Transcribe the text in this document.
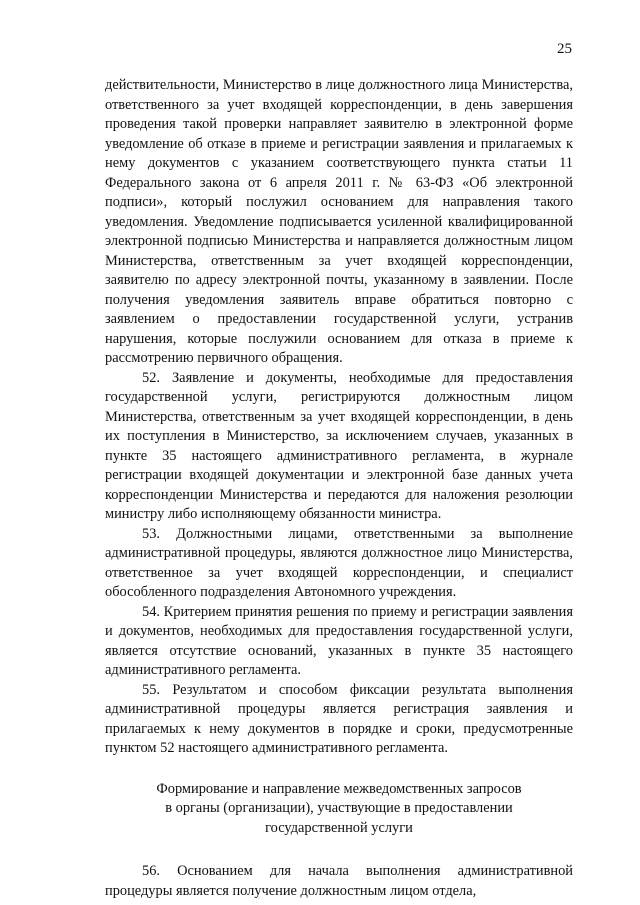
25

действительности, Министерство в лице должностного лица Министерства, ответственного за учет входящей корреспонденции, в день завершения проведения такой проверки направляет заявителю в электронной форме уведомление об отказе в приеме и регистрации заявления и прилагаемых к нему документов с указанием соответствующего пункта статьи 11 Федерального закона от 6 апреля 2011 г. № 63-ФЗ «Об электронной подписи», который послужил основанием для направления такого уведомления. Уведомление подписывается усиленной квалифицированной электронной подписью Министерства и направляется должностным лицом Министерства, ответственным за учет входящей корреспонденции, заявителю по адресу электронной почты, указанному в заявлении. После получения уведомления заявитель вправе обратиться повторно с заявлением о предоставлении государственной услуги, устранив нарушения, которые послужили основанием для отказа в приеме к рассмотрению первичного обращения.

52. Заявление и документы, необходимые для предоставления государственной услуги, регистрируются должностным лицом Министерства, ответственным за учет входящей корреспонденции, в день их поступления в Министерство, за исключением случаев, указанных в пункте 35 настоящего административного регламента, в журнале регистрации входящей документации и электронной базе данных учета корреспонденции Министерства и передаются для наложения резолюции министру либо исполняющему обязанности министра.

53. Должностными лицами, ответственными за выполнение административной процедуры, являются должностное лицо Министерства, ответственное за учет входящей корреспонденции, и специалист обособленного подразделения Автономного учреждения.

54. Критерием принятия решения по приему и регистрации заявления и документов, необходимых для предоставления государственной услуги, является отсутствие оснований, указанных в пункте 35 настоящего административного регламента.

55. Результатом и способом фиксации результата выполнения административной процедуры является регистрация заявления и прилагаемых к нему документов в порядке и сроки, предусмотренные пунктом 52 настоящего административного регламента.

Формирование и направление межведомственных запросов
в органы (организации), участвующие в предоставлении
государственной услуги

56. Основанием для начала выполнения административной процедуры является получение должностным лицом отдела,
